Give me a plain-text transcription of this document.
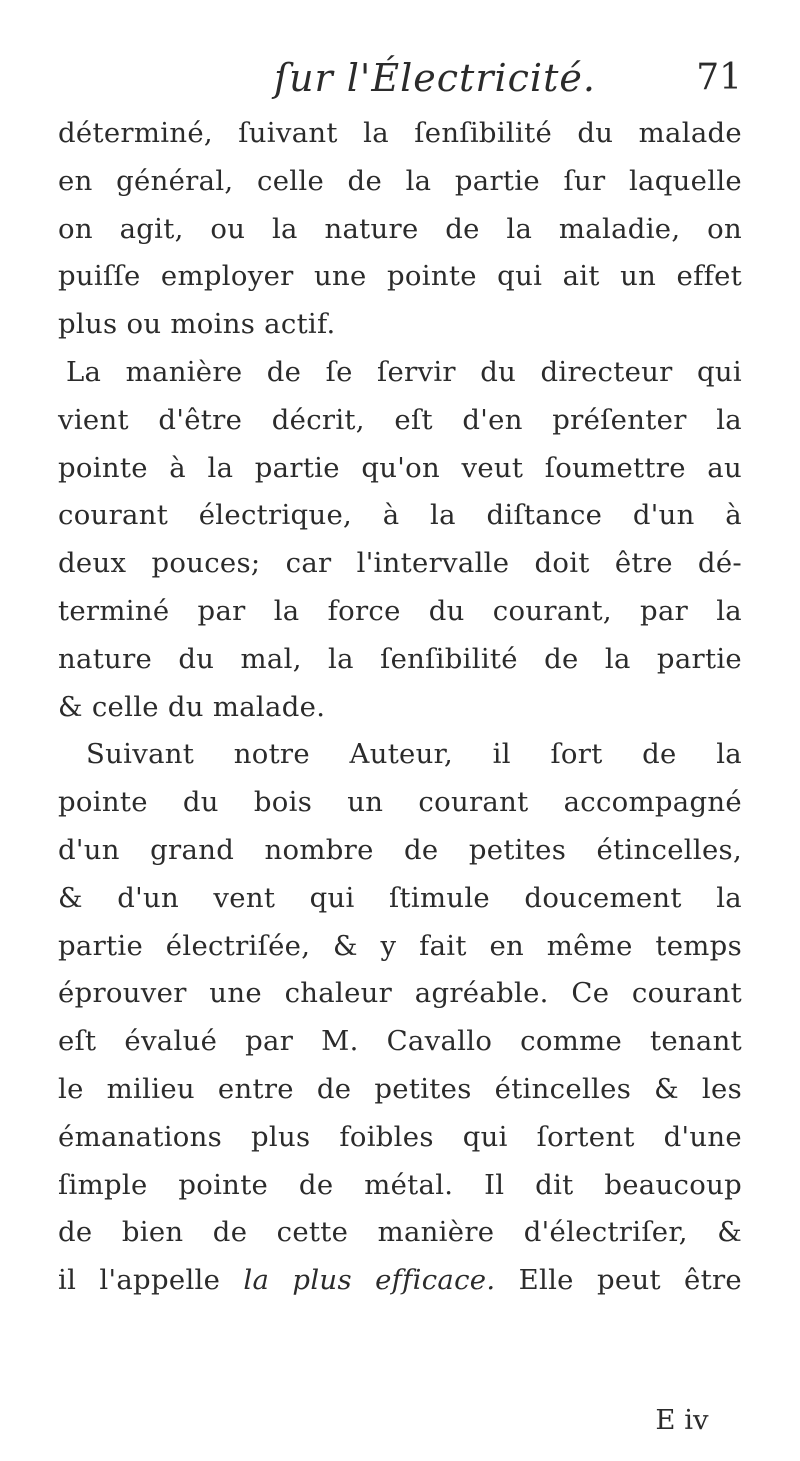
ſur l'Électricité.	71
déterminé, ſuivant la ſenſibilité du malade
en général, celle de la partie ſur laquelle
on agit, ou la nature de la maladie, on
puiſſe employer une pointe qui ait un effet
plus ou moins actif.
La manière de ſe ſervir du directeur qui
vient d'être décrit, eſt d'en préſenter la
pointe à la partie qu'on veut ſoumettre au
courant électrique, à la diſtance d'un à
deux pouces; car l'intervalle doit être dé-
terminé par la force du courant, par la
nature du mal, la ſenſibilité de la partie
& celle du malade.
Suivant notre Auteur, il ſort de la
pointe du bois un courant accompagné
d'un grand nombre de petites étincelles,
& d'un vent qui ſtimule doucement la
partie électriſée, & y fait en même temps
éprouver une chaleur agréable. Ce courant
eſt évalué par M. Cavallo comme tenant
le milieu entre de petites étincelles & les
émanations plus foibles qui ſortent d'une
ſimple pointe de métal. Il dit beaucoup
de bien de cette manière d'électriſer, &
il l'appelle la plus efficace. Elle peut être
E iv
